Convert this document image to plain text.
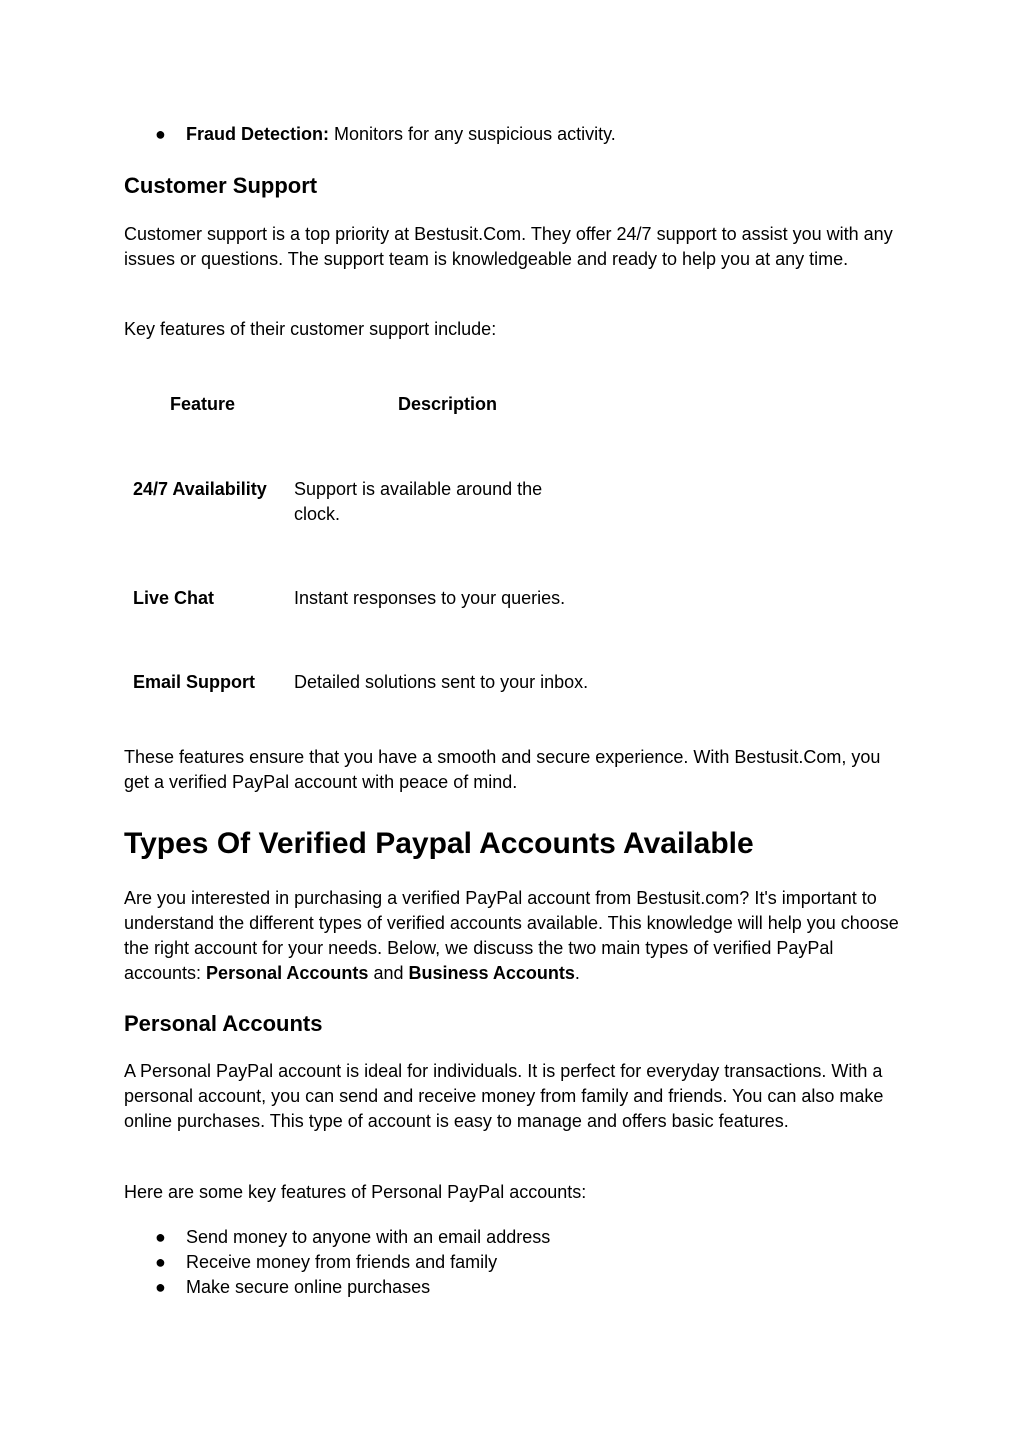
● Fraud Detection: Monitors for any suspicious activity.
Customer Support

Customer support is a top priority at Bestusit.Com. They offer 24/7 support to assist you with any issues or questions. The support team is knowledgeable and ready to help you at any time.

Key features of their customer support include:

Feature	Description
24/7 Availability Support is available around the clock.
Live Chat	Instant responses to your queries.
Email Support Detailed solutions sent to your inbox.

These features ensure that you have a smooth and secure experience. With Bestusit.Com, you get a verified PayPal account with peace of mind.

Types Of Verified Paypal Accounts Available

Are you interested in purchasing a verified PayPal account from Bestusit.com? It's important to understand the different types of verified accounts available. This knowledge will help you choose the right account for your needs. Below, we discuss the two main types of verified PayPal accounts: Personal Accounts and Business Accounts.

Personal Accounts

A Personal PayPal account is ideal for individuals. It is perfect for everyday transactions. With a personal account, you can send and receive money from family and friends. You can also make online purchases. This type of account is easy to manage and offers basic features.

Here are some key features of Personal PayPal accounts:

● Send money to anyone with an email address
● Receive money from friends and family
● Make secure online purchases
